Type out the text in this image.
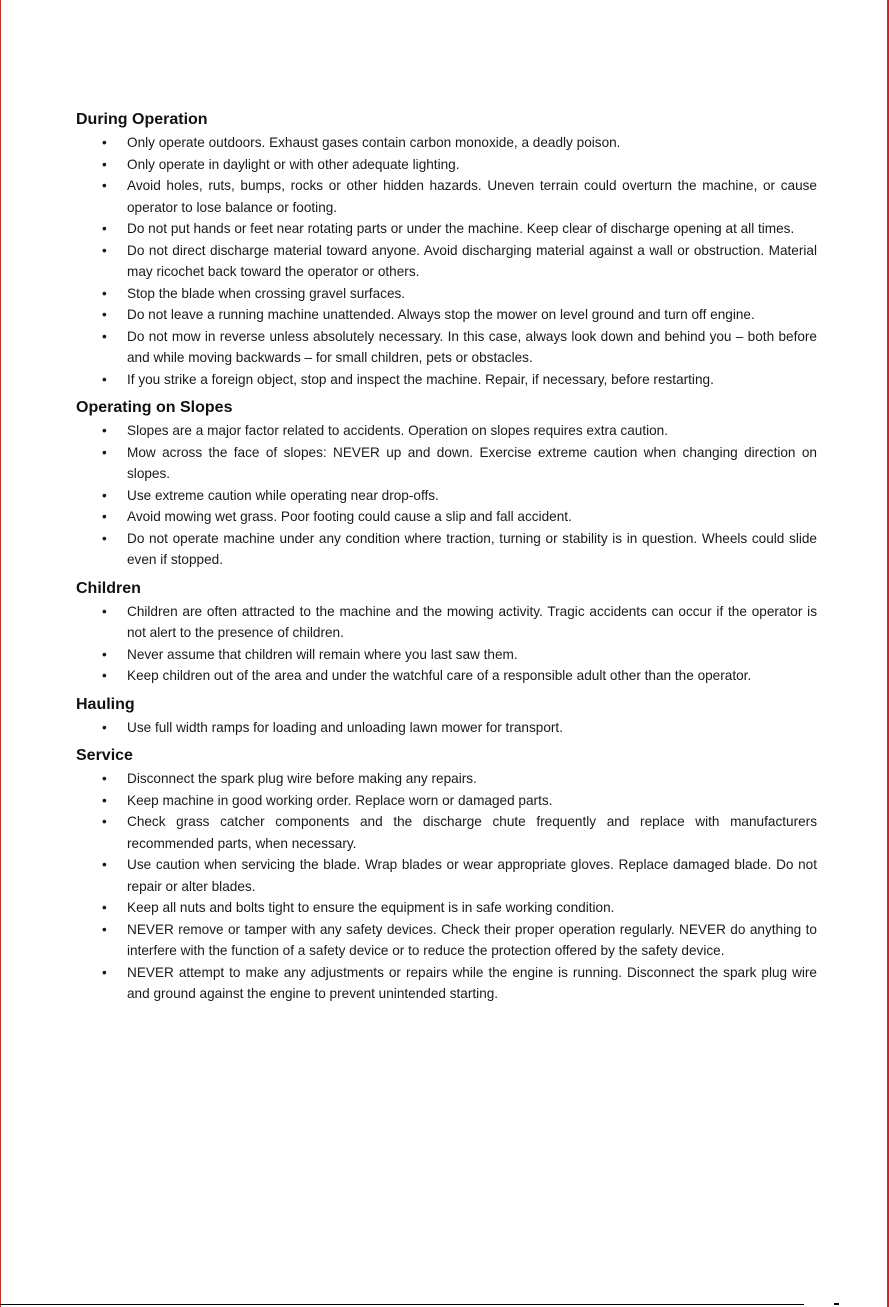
During Operation
• Only operate outdoors. Exhaust gases contain carbon monoxide, a deadly poison.
• Only operate in daylight or with other adequate lighting.
• Avoid holes, ruts, bumps, rocks or other hidden hazards. Uneven terrain could overturn the machine, or cause operator to lose balance or footing.
• Do not put hands or feet near rotating parts or under the machine. Keep clear of discharge opening at all times.
• Do not direct discharge material toward anyone. Avoid discharging material against a wall or obstruction. Material may ricochet back toward the operator or others.
• Stop the blade when crossing gravel surfaces.
• Do not leave a running machine unattended. Always stop the mower on level ground and turn off engine.
• Do not mow in reverse unless absolutely necessary. In this case, always look down and behind you – both before and while moving backwards – for small children, pets or obstacles.
• If you strike a foreign object, stop and inspect the machine. Repair, if necessary, before restarting.
Operating on Slopes
• Slopes are a major factor related to accidents. Operation on slopes requires extra caution.
• Mow across the face of slopes: NEVER up and down. Exercise extreme caution when changing direction on slopes.
• Use extreme caution while operating near drop-offs.
• Avoid mowing wet grass. Poor footing could cause a slip and fall accident.
• Do not operate machine under any condition where traction, turning or stability is in question. Wheels could slide even if stopped.
Children
• Children are often attracted to the machine and the mowing activity. Tragic accidents can occur if the operator is not alert to the presence of children.
• Never assume that children will remain where you last saw them.
• Keep children out of the area and under the watchful care of a responsible adult other than the operator.
Hauling
• Use full width ramps for loading and unloading lawn mower for transport.
Service
• Disconnect the spark plug wire before making any repairs.
• Keep machine in good working order. Replace worn or damaged parts.
• Check grass catcher components and the discharge chute frequently and replace with manufacturers recommended parts, when necessary.
• Use caution when servicing the blade. Wrap blades or wear appropriate gloves. Replace damaged blade. Do not repair or alter blades.
• Keep all nuts and bolts tight to ensure the equipment is in safe working condition.
• NEVER remove or tamper with any safety devices. Check their proper operation regularly. NEVER do anything to interfere with the function of a safety device or to reduce the protection offered by the safety device.
• NEVER attempt to make any adjustments or repairs while the engine is running. Disconnect the spark plug wire and ground against the engine to prevent unintended starting.
